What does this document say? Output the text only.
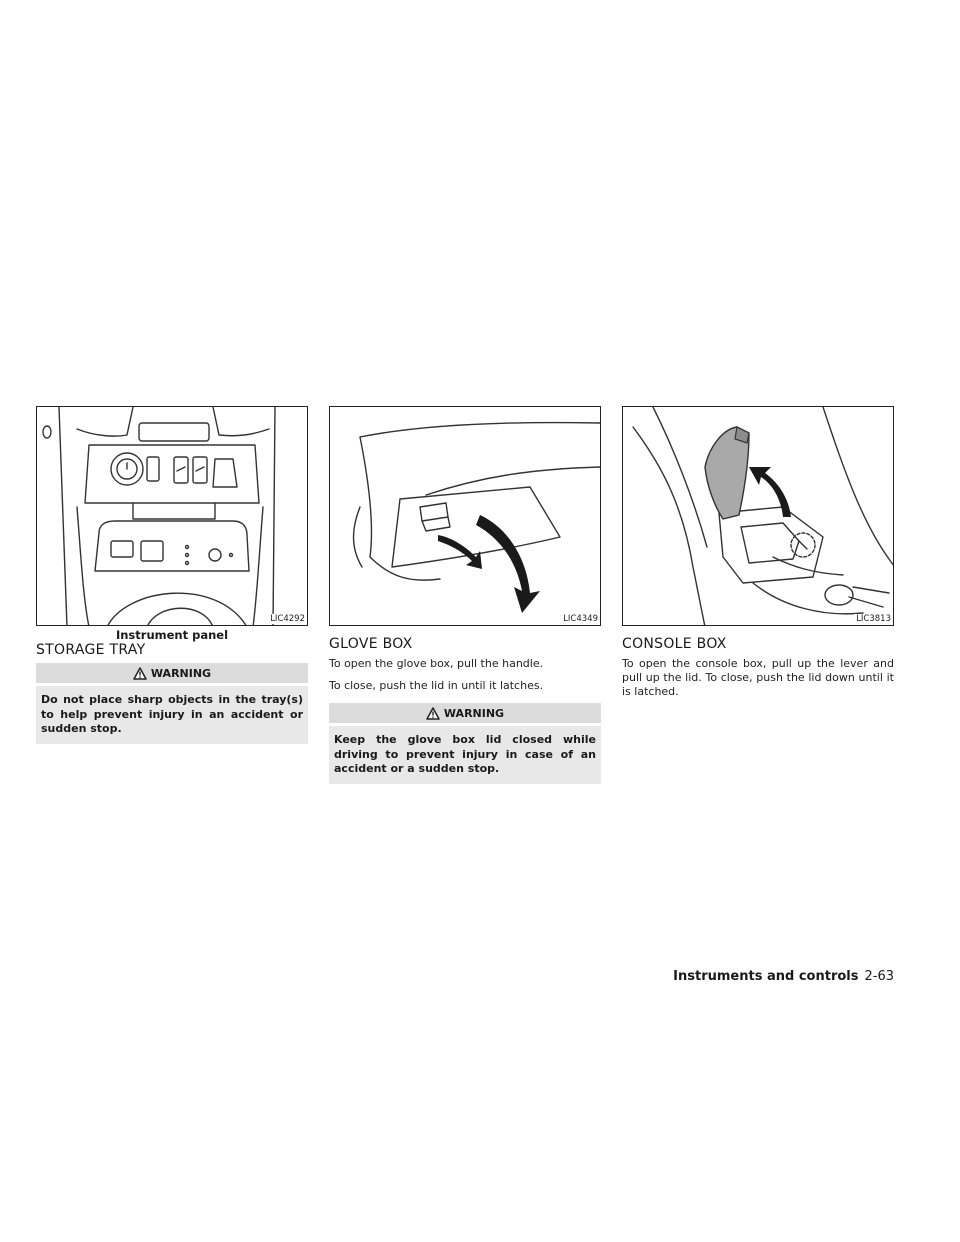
LIC4292

Instrument panel

STORAGE TRAY
WARNING
Do not place sharp objects in the tray(s) to help prevent injury in an accident or sudden stop.
LIC4349
GLOVE BOX

To open the glove box, pull the handle.

To close, push the lid in until it latches.

WARNING
Keep the glove box lid closed while driving to prevent injury in case of an accident or a sudden stop.
LIC3813
CONSOLE BOX

To open the console box, pull up the lever and pull up the lid. To close, push the lid down until it is latched.

Instruments and controls 2-63
